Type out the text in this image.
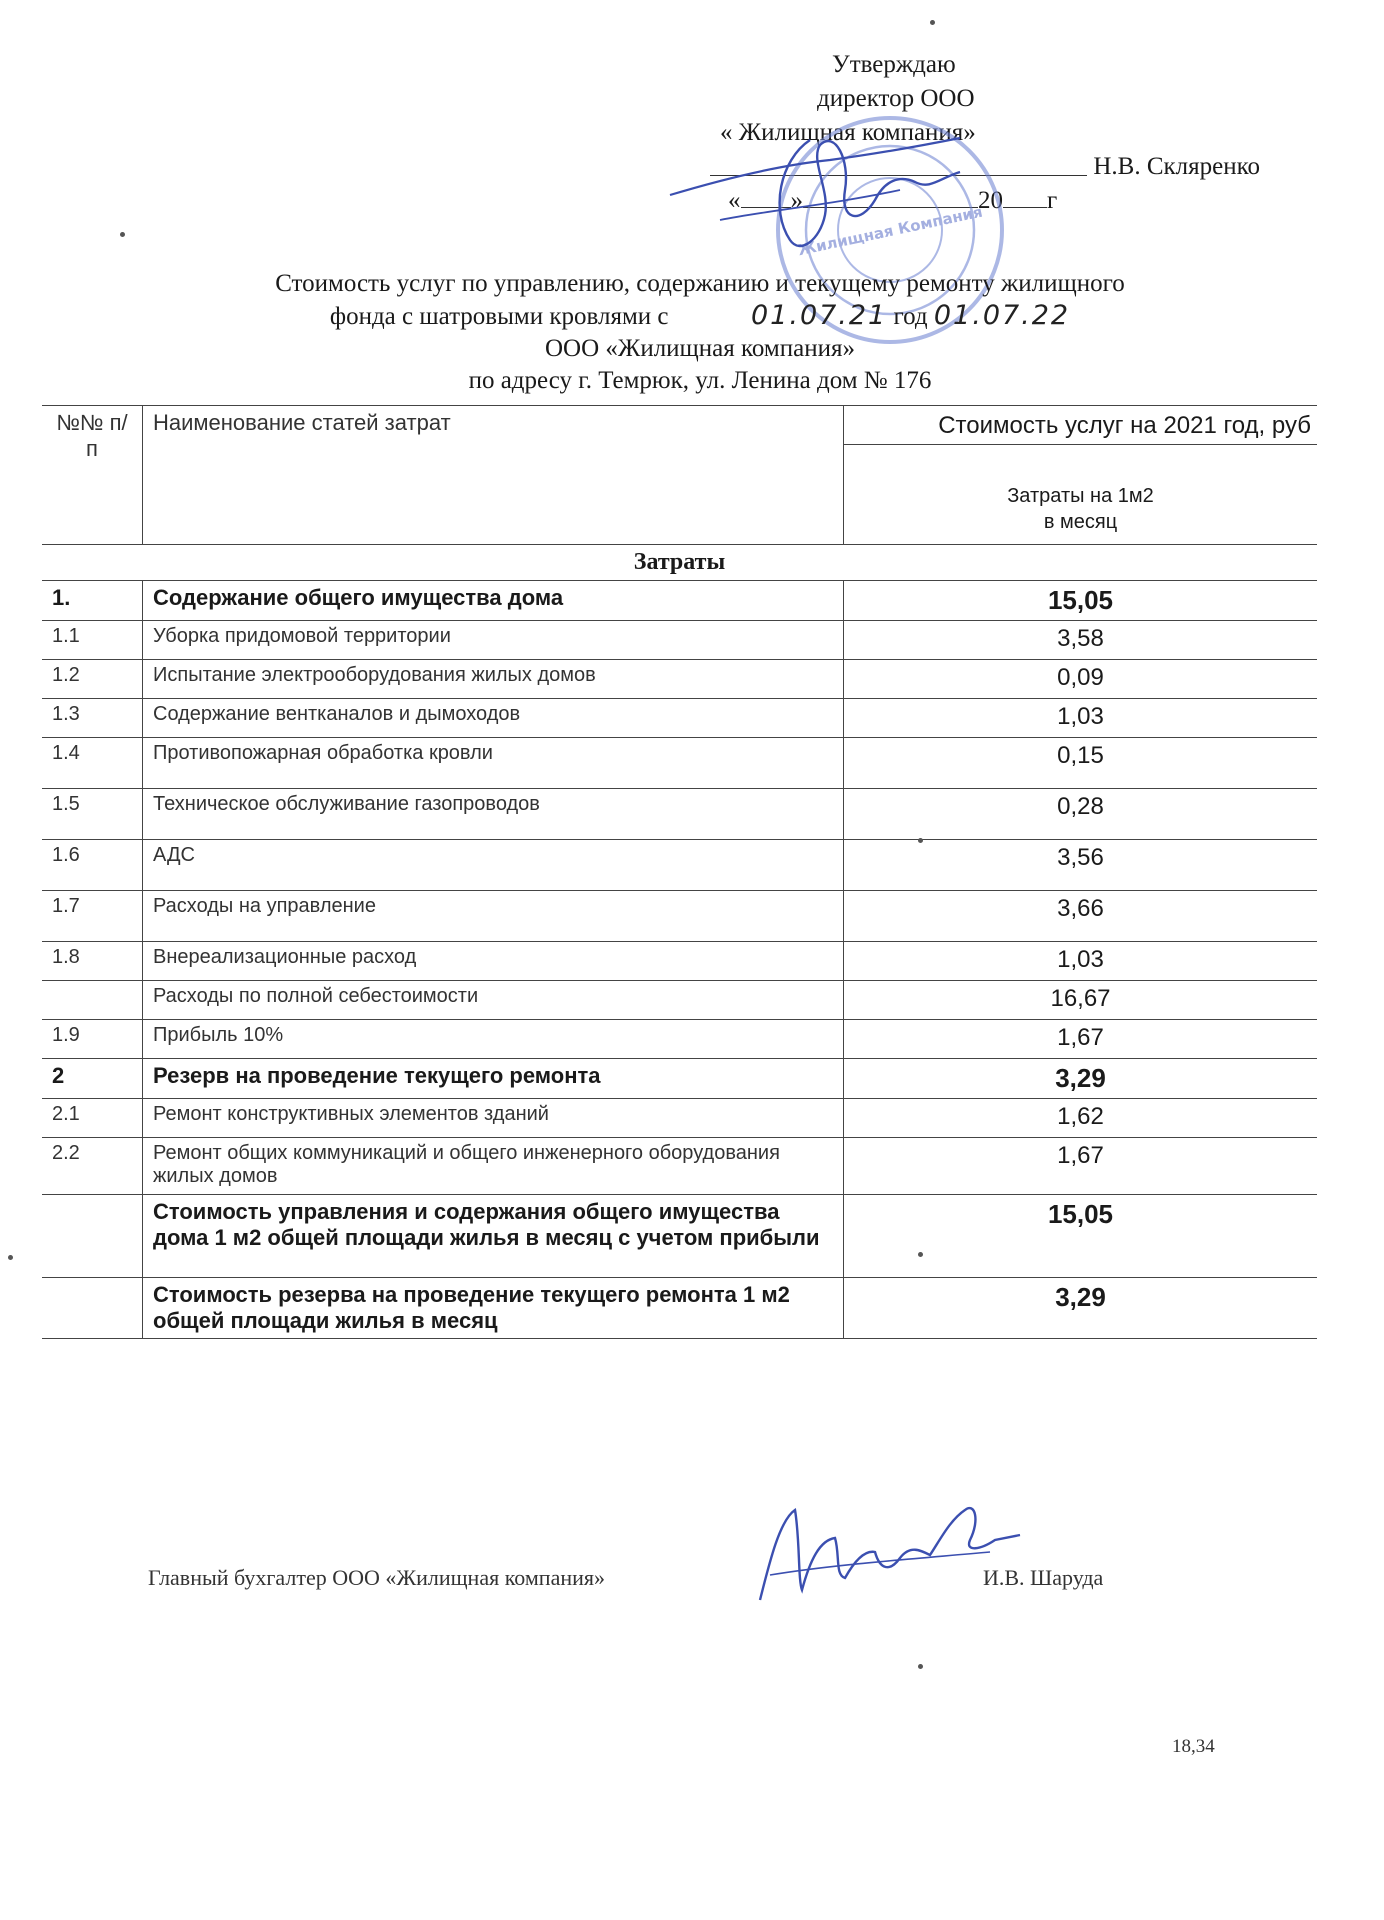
Утверждаю
директор ООО
« Жилищная компания»
Н.В. Скляренко
« »	20 г
Жилищная Компания
Стоимость услуг по управлению, содержанию и текущему ремонту жилищного
фонда с шатровыми кровлями с	01.07.21 год 01.07.22
ООО «Жилищная компания»
по адресу г. Темрюк, ул. Ленина дом № 176
№№ п/п	Наименование статей затрат	Стоимость услуг на 2021 год, руб
Затраты на 1м2
в месяц

Затраты		
1.	Содержание общего имущества дома	15,05
1.1	Уборка придомовой территории	3,58
1.2	Испытание электрооборудования жилых домов	0,09
1.3	Содержание вентканалов и дымоходов	1,03
1.4	Противопожарная обработка кровли	0,15
1.5	Техническое обслуживание газопроводов	0,28
1.6	АДС	3,56
1.7	Расходы на управление	3,66
1.8	Внереализационные расход	1,03
	Расходы по полной себестоимости	16,67
1.9	Прибыль 10%	1,67
2	Резерв на проведение текущего ремонта	3,29
2.1	Ремонт конструктивных элементов зданий	1,62
2.2	Ремонт общих коммуникаций и общего инженерного оборудования жилых домов	1,67
	Стоимость управления и содержания общего имущества дома 1 м2 общей площади жилья в месяц с учетом прибыли	15,05
	Стоимость резерва на проведение текущего ремонта 1 м2 общей площади жилья в месяц	3,29
Главный бухгалтер ООО «Жилищная компания»	И.В. Шаруда
18,34
